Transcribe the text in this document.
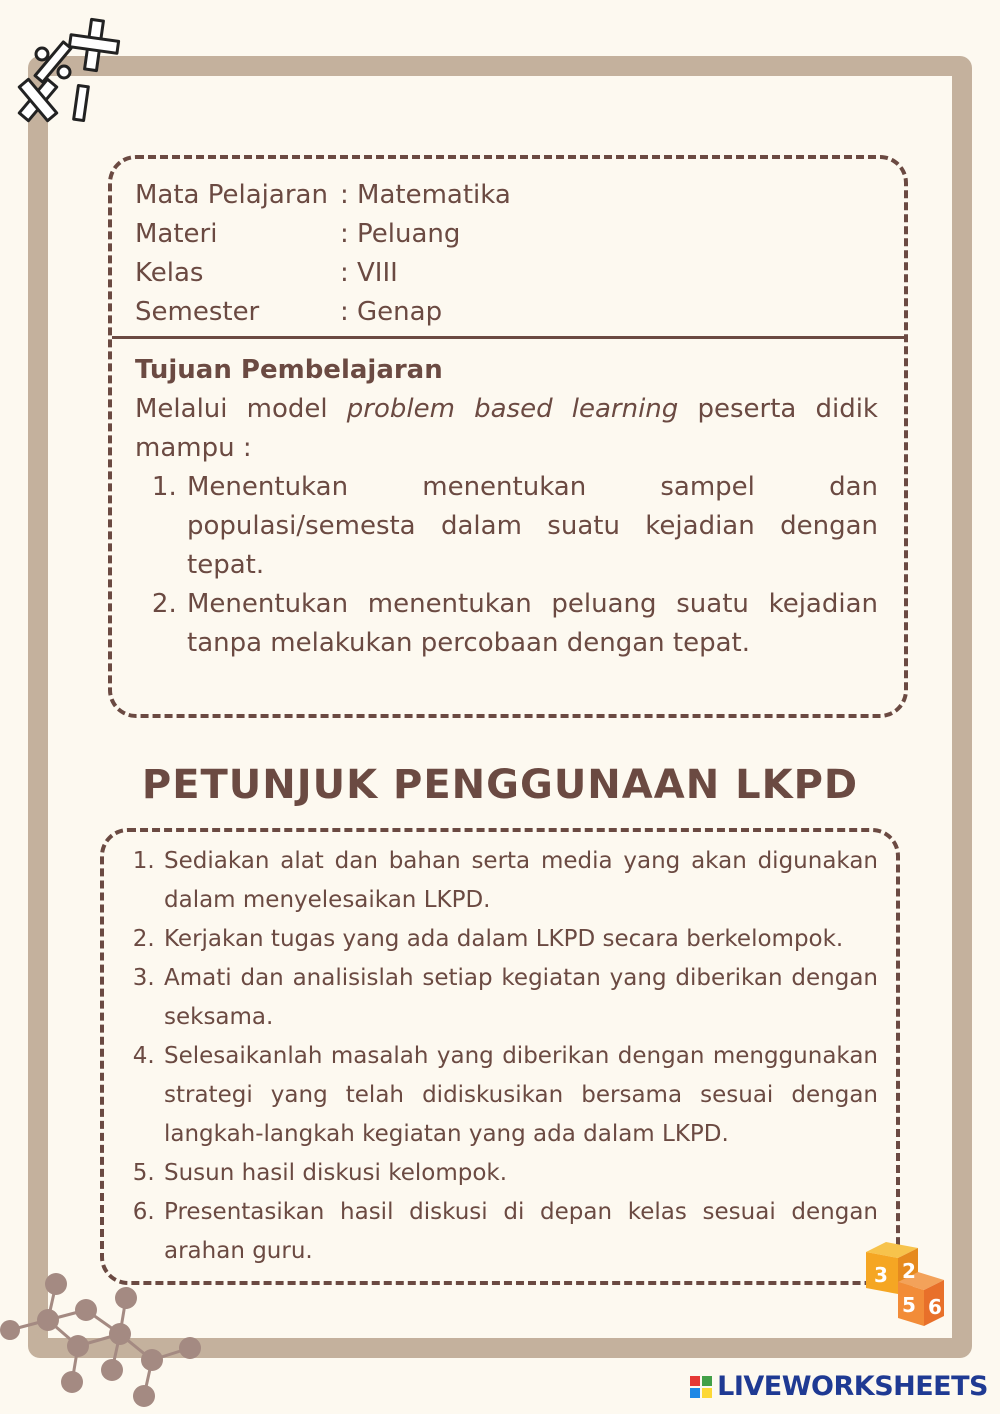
Mata Pelajaran : Matematika
Materi	: Peluang
Kelas	: VIII
Semester	: Genap
Tujuan Pembelajaran

Melalui model problem based learning peserta didik mampu :

1. Menentukan menentukan sampel dan populasi/semesta dalam suatu kejadian dengan tepat.
2. Menentukan menentukan peluang suatu kejadian tanpa melakukan percobaan dengan tepat.
PETUNJUK PENGGUNAAN LKPD
1. Sediakan alat dan bahan serta media yang akan digunakan dalam menyelesaikan LKPD.
2. Kerjakan tugas yang ada dalam LKPD secara berkelompok.
3. Amati dan analisislah setiap kegiatan yang diberikan dengan seksama.
4. Selesaikanlah masalah yang diberikan dengan menggunakan strategi yang telah didiskusikan bersama sesuai dengan langkah-langkah kegiatan yang ada dalam LKPD.
5. Susun hasil diskusi kelompok.
6. Presentasikan hasil diskusi di depan kelas sesuai dengan arahan guru.
3 2
5 6
LIVEWORKSHEETS
